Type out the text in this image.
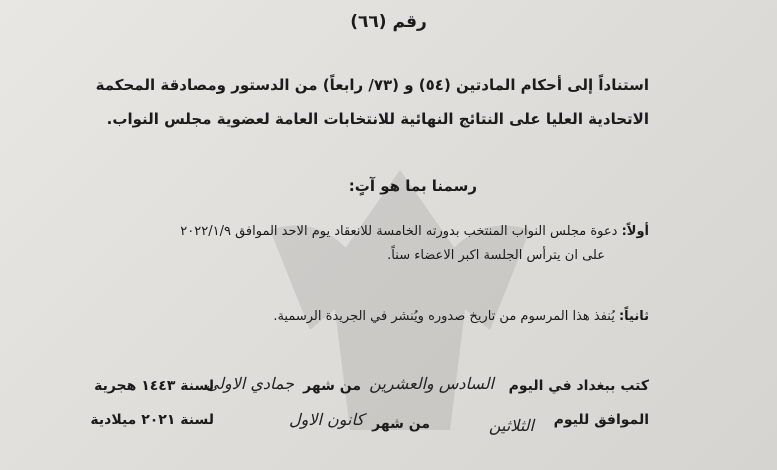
رقم (٦٦)
استناداً إلى أحكام المادتين (٥٤) و (٧٣/ رابعاً) من الدستور ومصادقة المحكمة
الاتحادية العليا على النتائج النهائية للانتخابات العامة لعضوية مجلس النواب.
رسمنا بما هو آتٍ:
أولاً: دعوة مجلس النواب المنتخب بدورته الخامسة للانعقاد يوم الاحد الموافق ٢٠٢٢/١/٩
على ان يترأس الجلسة اكبر الاعضاء سناً.
ثانياً: يُنفذ هذا المرسوم من تاريخ صدوره ويُنشر في الجريدة الرسمية.
كتب ببغداد في اليوم
السادس والعشرين
من شهر
جمادي الاولى
لسنة ١٤٤٣ هجرية
الموافق لليوم
الثلاثين
من شهر
كانون الاول
لسنة ٢٠٢١ ميلادية
